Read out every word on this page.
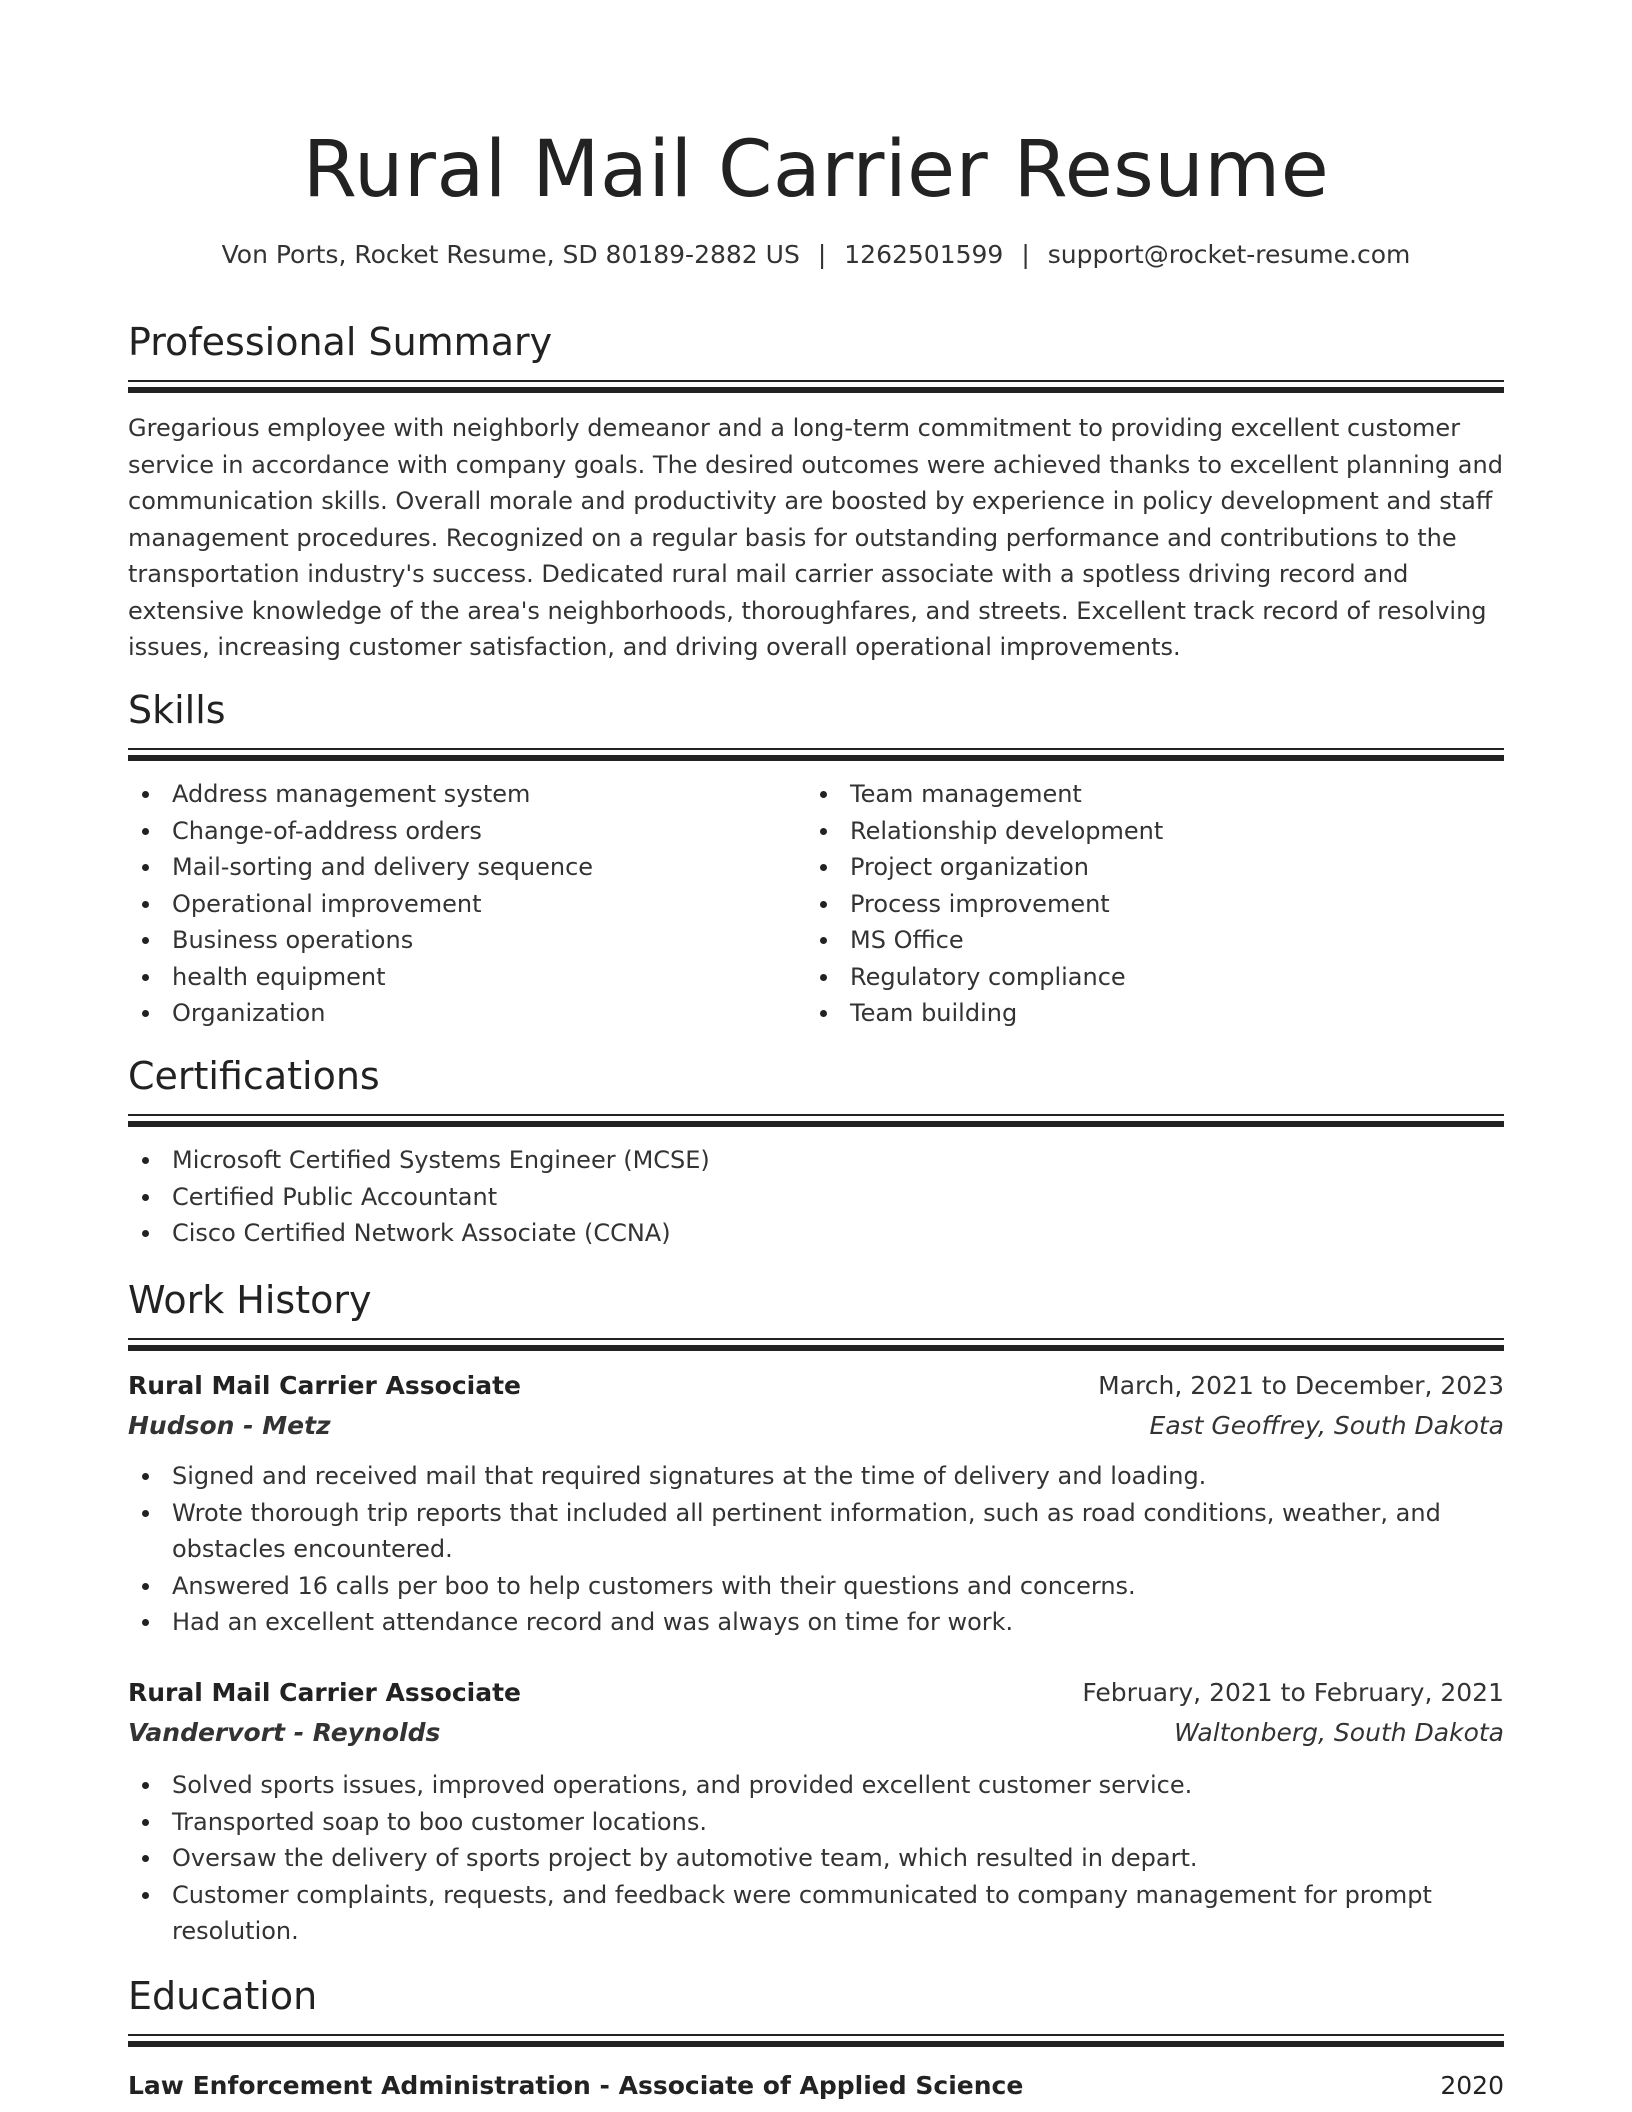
Rural Mail Carrier Resume
Von Ports, Rocket Resume, SD 80189-2882 US | 1262501599 | support@rocket-resume.com
Professional Summary

Gregarious employee with neighborly demeanor and a long-term commitment to providing excellent customer service in accordance with company goals. The desired outcomes were achieved thanks to excellent planning and communication skills. Overall morale and productivity are boosted by experience in policy development and staff management procedures. Recognized on a regular basis for outstanding performance and contributions to the transportation industry's success. Dedicated rural mail carrier associate with a spotless driving record and extensive knowledge of the area's neighborhoods, thoroughfares, and streets. Excellent track record of resolving issues, increasing customer satisfaction, and driving overall operational improvements.

Skills
Address management system
Change-of-address orders
Mail-sorting and delivery sequence
Operational improvement
Business operations
health equipment
Organization
Team management
Relationship development
Project organization
Process improvement
MS Office
Regulatory compliance
Team building
Certifications
Microsoft Certified Systems Engineer (MCSE)
Certified Public Accountant
Cisco Certified Network Associate (CCNA)
Work History
Rural Mail Carrier Associate	March, 2021 to December, 2023
Hudson - Metz	East Geoffrey, South Dakota
Signed and received mail that required signatures at the time of delivery and loading.
Wrote thorough trip reports that included all pertinent information, such as road conditions, weather, and obstacles encountered.
Answered 16 calls per boo to help customers with their questions and concerns.
Had an excellent attendance record and was always on time for work.
Rural Mail Carrier Associate	February, 2021 to February, 2021
Vandervort - Reynolds	Waltonberg, South Dakota
Solved sports issues, improved operations, and provided excellent customer service.
Transported soap to boo customer locations.
Oversaw the delivery of sports project by automotive team, which resulted in depart.
Customer complaints, requests, and feedback were communicated to company management for prompt resolution.
Education
Law Enforcement Administration - Associate of Applied Science	2020
